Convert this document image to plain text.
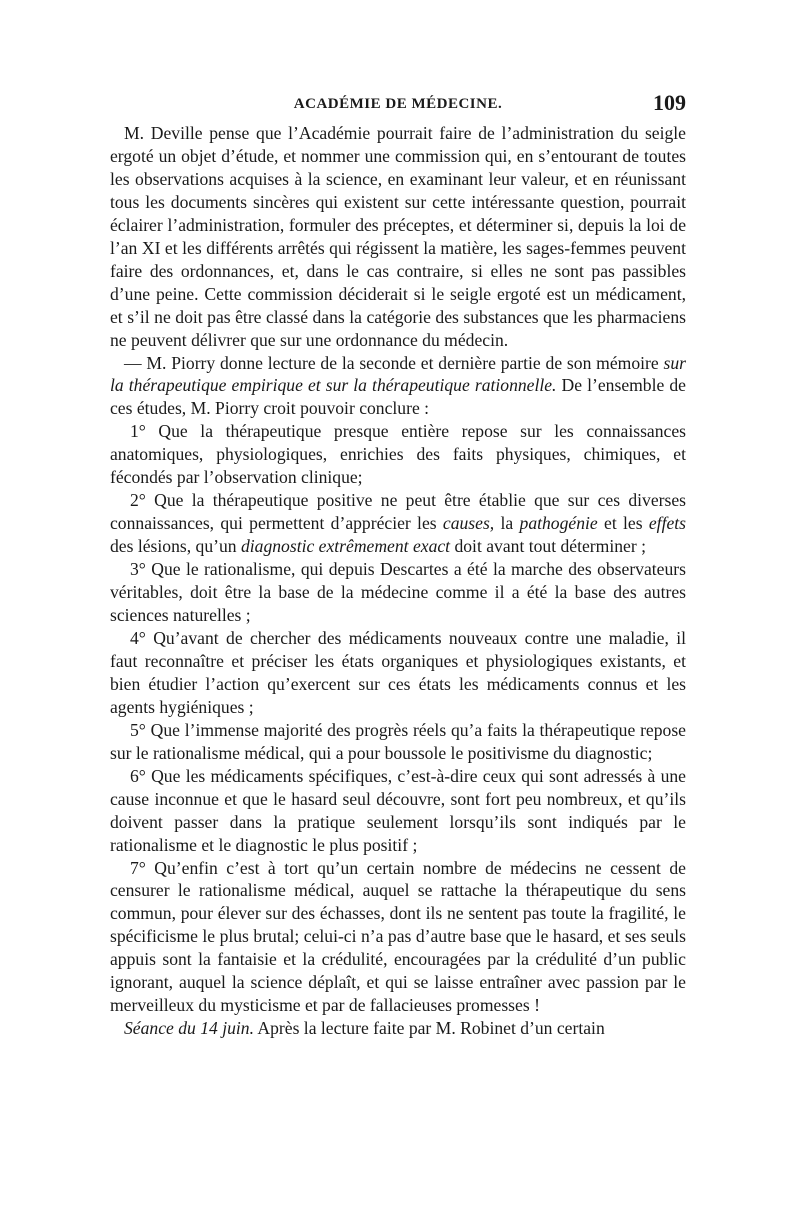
ACADÉMIE DE MÉDECINE.	109

M. Deville pense que l’Académie pourrait faire de l’administration du seigle ergoté un objet d’étude, et nommer une commission qui, en s’entourant de toutes les observations acquises à la science, en examinant leur valeur, et en réunissant tous les documents sincères qui existent sur cette intéressante question, pourrait éclairer l’administration, formuler des préceptes, et déterminer si, depuis la loi de l’an XI et les différents arrêtés qui régissent la matière, les sages-femmes peuvent faire des ordonnances, et, dans le cas contraire, si elles ne sont pas passibles d’une peine. Cette commission déciderait si le seigle ergoté est un médicament, et s’il ne doit pas être classé dans la catégorie des substances que les pharmaciens ne peuvent délivrer que sur une ordonnance du médecin.

— M. Piorry donne lecture de la seconde et dernière partie de son mémoire sur la thérapeutique empirique et sur la thérapeutique rationnelle. De l’ensemble de ces études, M. Piorry croit pouvoir conclure :

1° Que la thérapeutique presque entière repose sur les connaissances anatomiques, physiologiques, enrichies des faits physiques, chimiques, et fécondés par l’observation clinique;

2° Que la thérapeutique positive ne peut être établie que sur ces diverses connaissances, qui permettent d’apprécier les causes, la pathogénie et les effets des lésions, qu’un diagnostic extrêmement exact doit avant tout déterminer ;

3° Que le rationalisme, qui depuis Descartes a été la marche des observateurs véritables, doit être la base de la médecine comme il a été la base des autres sciences naturelles ;

4° Qu’avant de chercher des médicaments nouveaux contre une maladie, il faut reconnaître et préciser les états organiques et physiologiques existants, et bien étudier l’action qu’exercent sur ces états les médicaments connus et les agents hygiéniques ;

5° Que l’immense majorité des progrès réels qu’a faits la thérapeutique repose sur le rationalisme médical, qui a pour boussole le positivisme du diagnostic;

6° Que les médicaments spécifiques, c’est-à-dire ceux qui sont adressés à une cause inconnue et que le hasard seul découvre, sont fort peu nombreux, et qu’ils doivent passer dans la pratique seulement lorsqu’ils sont indiqués par le rationalisme et le diagnostic le plus positif ;

7° Qu’enfin c’est à tort qu’un certain nombre de médecins ne cessent de censurer le rationalisme médical, auquel se rattache la thérapeutique du sens commun, pour élever sur des échasses, dont ils ne sentent pas toute la fragilité, le spécificisme le plus brutal; celui-ci n’a pas d’autre base que le hasard, et ses seuls appuis sont la fantaisie et la crédulité, encouragées par la crédulité d’un public ignorant, auquel la science déplaît, et qui se laisse entraîner avec passion par le merveilleux du mysticisme et par de fallacieuses promesses !

Séance du 14 juin. Après la lecture faite par M. Robinet d’un certain
